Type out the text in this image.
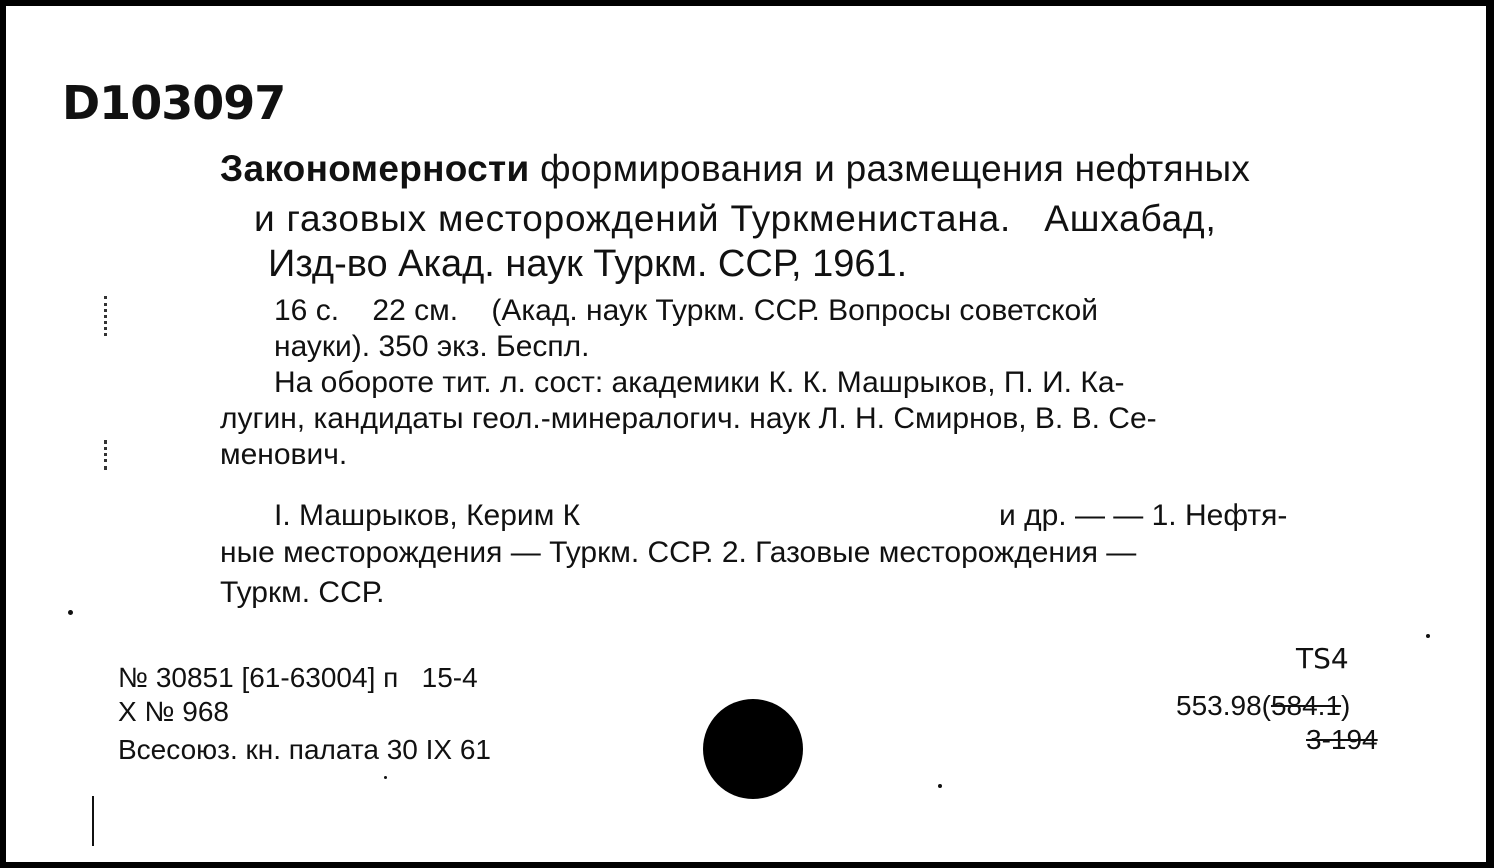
D103097
Закономерности формирования и размещения нефтяных
и газовых месторождений Туркменистана.   Ашхабад,
Изд-во Акад. наук Туркм. ССР, 1961.
16 с.    22 см.    (Акад. наук Туркм. ССР. Вопросы советской
науки). 350 экз. Беспл.
На обороте тит. л. сост: академики К. К. Машрыков, П. И. Ка-
лугин, кандидаты геол.-минералогич. наук Л. Н. Смирнов, В. В. Се-
менович.
I. Машрыков, Керим К	и др. — — 1. Нефтя-
ные месторождения — Туркм. ССР. 2. Газовые месторождения —
Туркм. ССР.
№ 30851 [61-63004] п   15-4
X № 968
Всесоюз. кн. палата 30 IX 61
TS4
553.98(584.1)
3-194
